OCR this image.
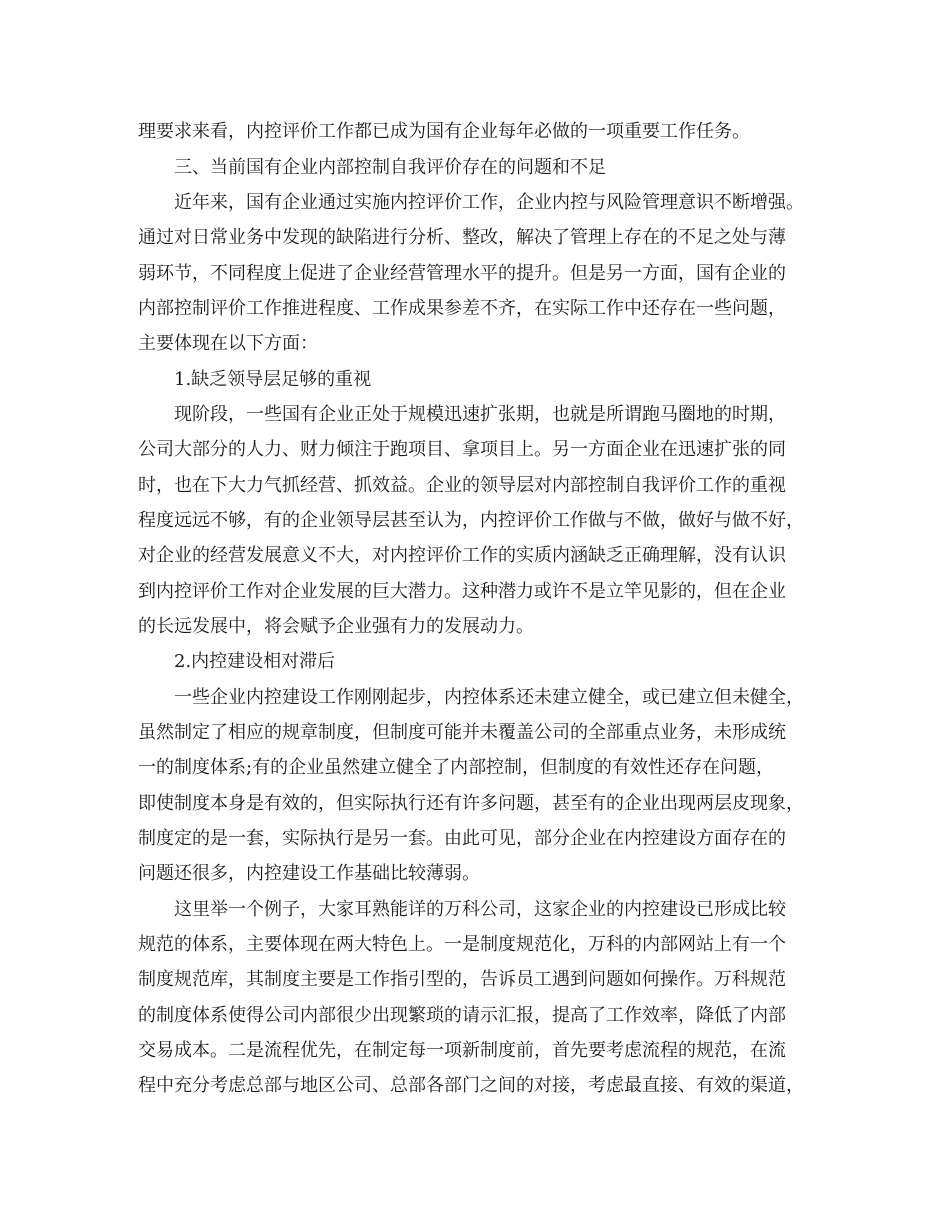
理要求来看，内控评价工作都已成为国有企业每年必做的一项重要工作任务。

三、当前国有企业内部控制自我评价存在的问题和不足

近年来，国有企业通过实施内控评价工作，企业内控与风险管理意识不断增强。

通过对日常业务中发现的缺陷进行分析、整改，解决了管理上存在的不足之处与薄

弱环节，不同程度上促进了企业经营管理水平的提升。但是另一方面，国有企业的

内部控制评价工作推进程度、工作成果参差不齐，在实际工作中还存在一些问题，

主要体现在以下方面：

1.缺乏领导层足够的重视

现阶段，一些国有企业正处于规模迅速扩张期，也就是所谓跑马圈地的时期，

公司大部分的人力、财力倾注于跑项目、拿项目上。另一方面企业在迅速扩张的同

时，也在下大力气抓经营、抓效益。企业的领导层对内部控制自我评价工作的重视

程度远远不够，有的企业领导层甚至认为，内控评价工作做与不做，做好与做不好，

对企业的经营发展意义不大，对内控评价工作的实质内涵缺乏正确理解，没有认识

到内控评价工作对企业发展的巨大潜力。这种潜力或许不是立竿见影的，但在企业

的长远发展中，将会赋予企业强有力的发展动力。

2.内控建设相对滞后

一些企业内控建设工作刚刚起步，内控体系还未建立健全，或已建立但未健全，

虽然制定了相应的规章制度，但制度可能并未覆盖公司的全部重点业务，未形成统

一的制度体系;有的企业虽然建立健全了内部控制，但制度的有效性还存在问题，

即使制度本身是有效的，但实际执行还有许多问题，甚至有的企业出现两层皮现象，

制度定的是一套，实际执行是另一套。由此可见，部分企业在内控建设方面存在的

问题还很多，内控建设工作基础比较薄弱。

这里举一个例子，大家耳熟能详的万科公司，这家企业的内控建设已形成比较

规范的体系，主要体现在两大特色上。一是制度规范化，万科的内部网站上有一个

制度规范库，其制度主要是工作指引型的，告诉员工遇到问题如何操作。万科规范

的制度体系使得公司内部很少出现繁琐的请示汇报，提高了工作效率，降低了内部

交易成本。二是流程优先，在制定每一项新制度前，首先要考虑流程的规范，在流

程中充分考虑总部与地区公司、总部各部门之间的对接，考虑最直接、有效的渠道，
